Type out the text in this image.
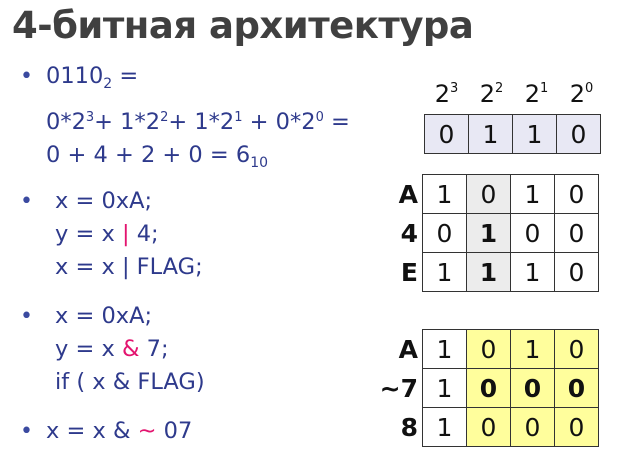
4-битная архитектура
• $0110_2$ =
$0*2^3+ 1*2^2+ 1*2^1 + 0*2^0$ =
$0 + 4 + 2 + 0 = 6_{10}$
• x = 0xA;
y = x | 4;
x = x | FLAG;
• x = 0xA;
y = x & 7;
if ( x & FLAG)
• x = x & ~ 07
$2^3$ $2^2$ $2^1$ $2^0$
0	1	1	0
A	1	0	1	0
4	0	1	0	0
E	1	1	1	0
A	1	0	1	0
~7	1	0	0	0
8	1	0	0	0
